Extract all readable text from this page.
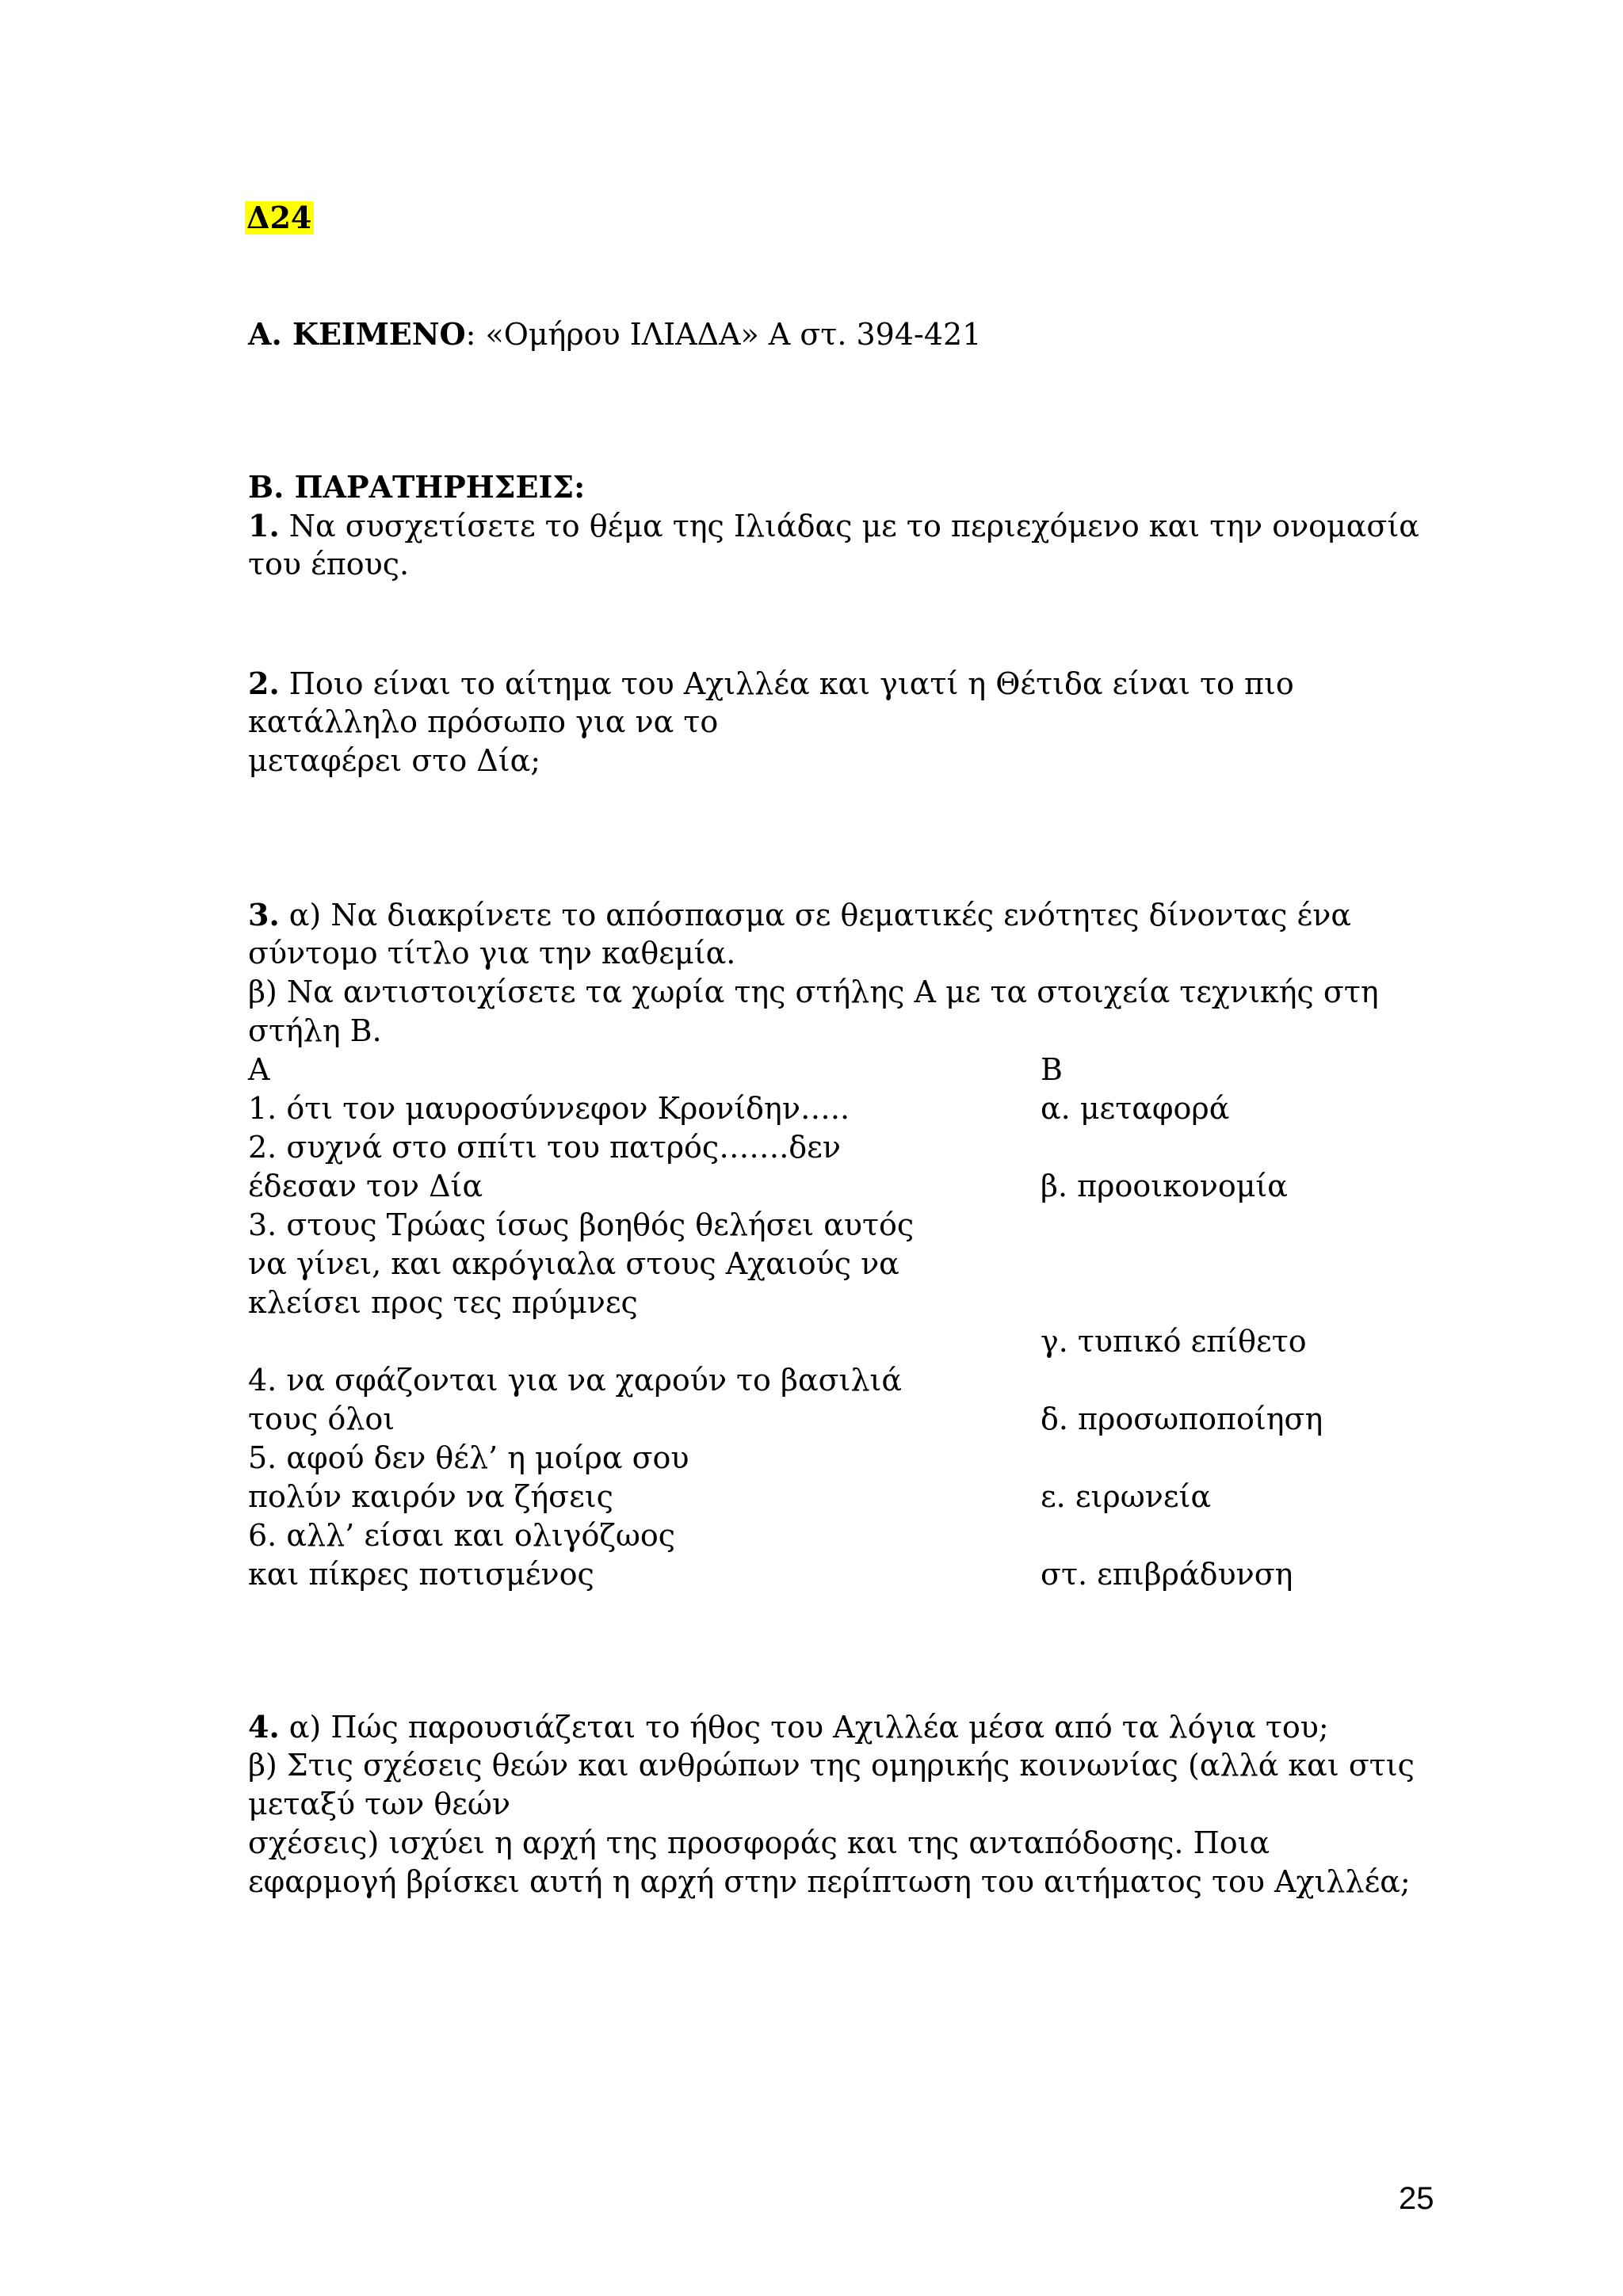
Δ24
Α. ΚΕΙΜΕΝΟ: «Ομήρου ΙΛΙΑΔΑ» Α στ. 394-421
Β. ΠΑΡΑΤΗΡΗΣΕΙΣ:
1. Να συσχετίσετε το θέμα της Ιλιάδας με το περιεχόμενο και την ονομασία
του έπους.
2. Ποιο είναι το αίτημα του Αχιλλέα και γιατί η Θέτιδα είναι το πιο
κατάλληλο πρόσωπο για να το
μεταφέρει στο Δία;
3. α) Να διακρίνετε το απόσπασμα σε θεματικές ενότητες δίνοντας ένα
σύντομο τίτλο για την καθεμία.
β) Να αντιστοιχίσετε τα χωρία της στήλης Α με τα στοιχεία τεχνικής στη
στήλη Β.
Α	Β
1. ότι τον μαυροσύννεφον Κρονίδην…..	α. μεταφορά
2. συχνά στο σπίτι του πατρός…….δεν
έδεσαν τον Δία	β. προοικονομία
3. στους Τρώας ίσως βοηθός θελήσει αυτός
να γίνει, και ακρόγιαλα στους Αχαιούς να
κλείσει προς τες πρύμνες
γ. τυπικό επίθετο
4. να σφάζονται για να χαρούν το βασιλιά
τους όλοι	δ. προσωποποίηση
5. αφού δεν θέλ’ η μοίρα σου
πολύν καιρόν να ζήσεις	ε. ειρωνεία
6. αλλ’ είσαι και ολιγόζωος
και πίκρες ποτισμένος	στ. επιβράδυνση
4. α) Πώς παρουσιάζεται το ήθος του Αχιλλέα μέσα από τα λόγια του;
β) Στις σχέσεις θεών και ανθρώπων της ομηρικής κοινωνίας (αλλά και στις
μεταξύ των θεών
σχέσεις) ισχύει η αρχή της προσφοράς και της ανταπόδοσης. Ποια
εφαρμογή βρίσκει αυτή η αρχή στην περίπτωση του αιτήματος του Αχιλλέα;
25
